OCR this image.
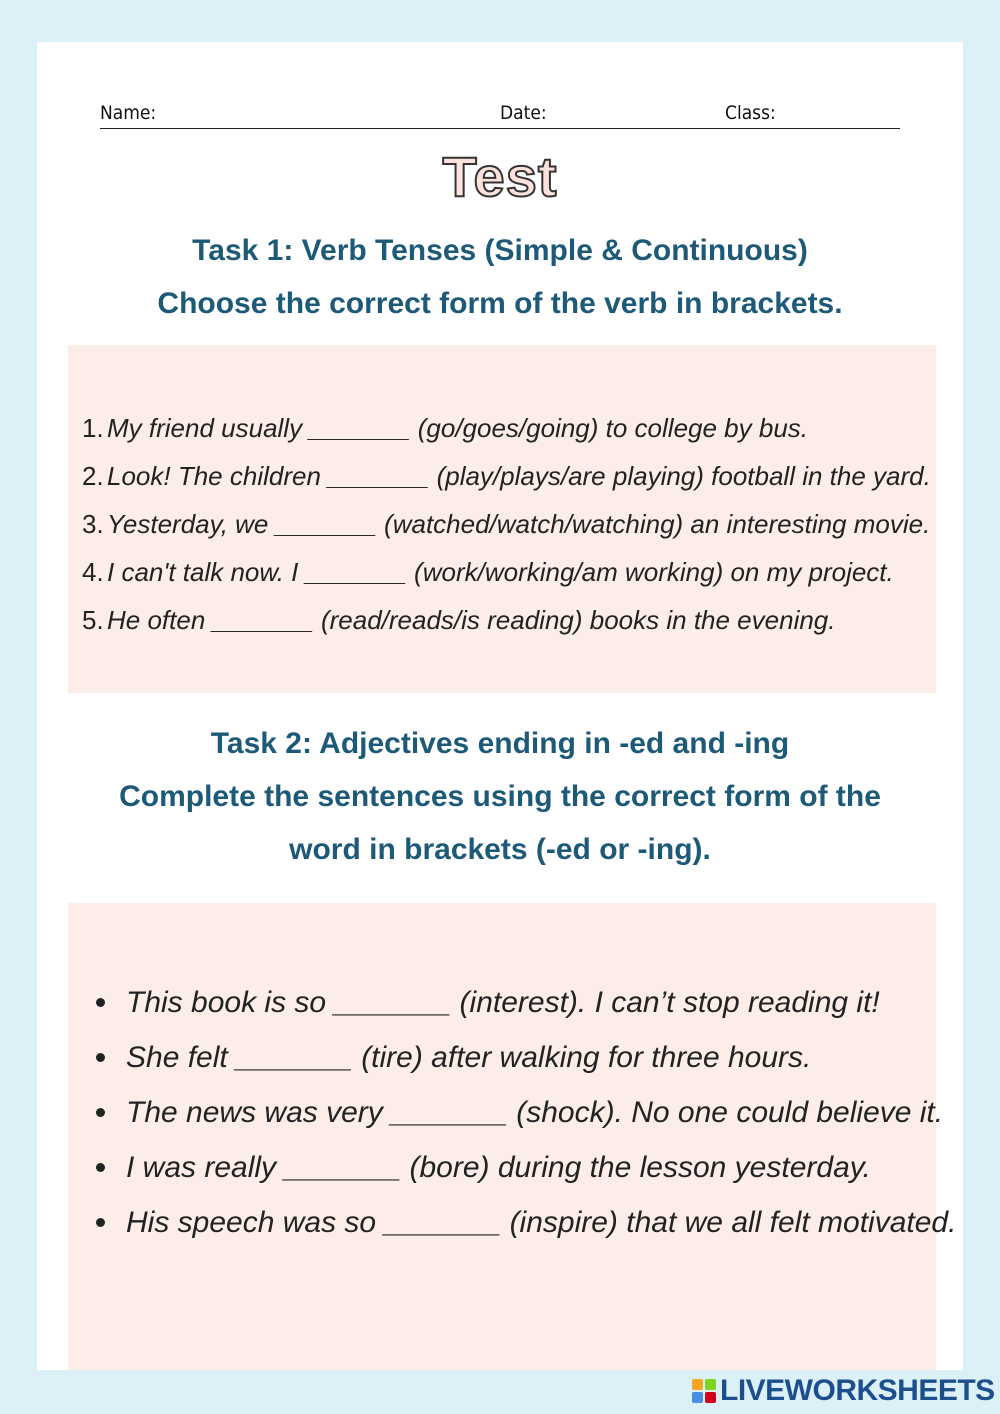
Name:	Date:	Class:
Test
Task 1: Verb Tenses (Simple & Continuous)
Choose the correct form of the verb in brackets.
1. My friend usually _______ (go/goes/going) to college by bus.
2. Look! The children _______ (play/plays/are playing) football in the yard.
3. Yesterday, we _______ (watched/watch/watching) an interesting movie.
4. I can't talk now. I _______ (work/working/am working) on my project.
5. He often _______ (read/reads/is reading) books in the evening.
Task 2: Adjectives ending in -ed and -ing
Complete the sentences using the correct form of the
word in brackets (-ed or -ing).
This book is so _______ (interest). I can’t stop reading it!
She felt _______ (tire) after walking for three hours.
The news was very _______ (shock). No one could believe it.
I was really _______ (bore) during the lesson yesterday.
His speech was so _______ (inspire) that we all felt motivated.
LIVEWORKSHEETS
